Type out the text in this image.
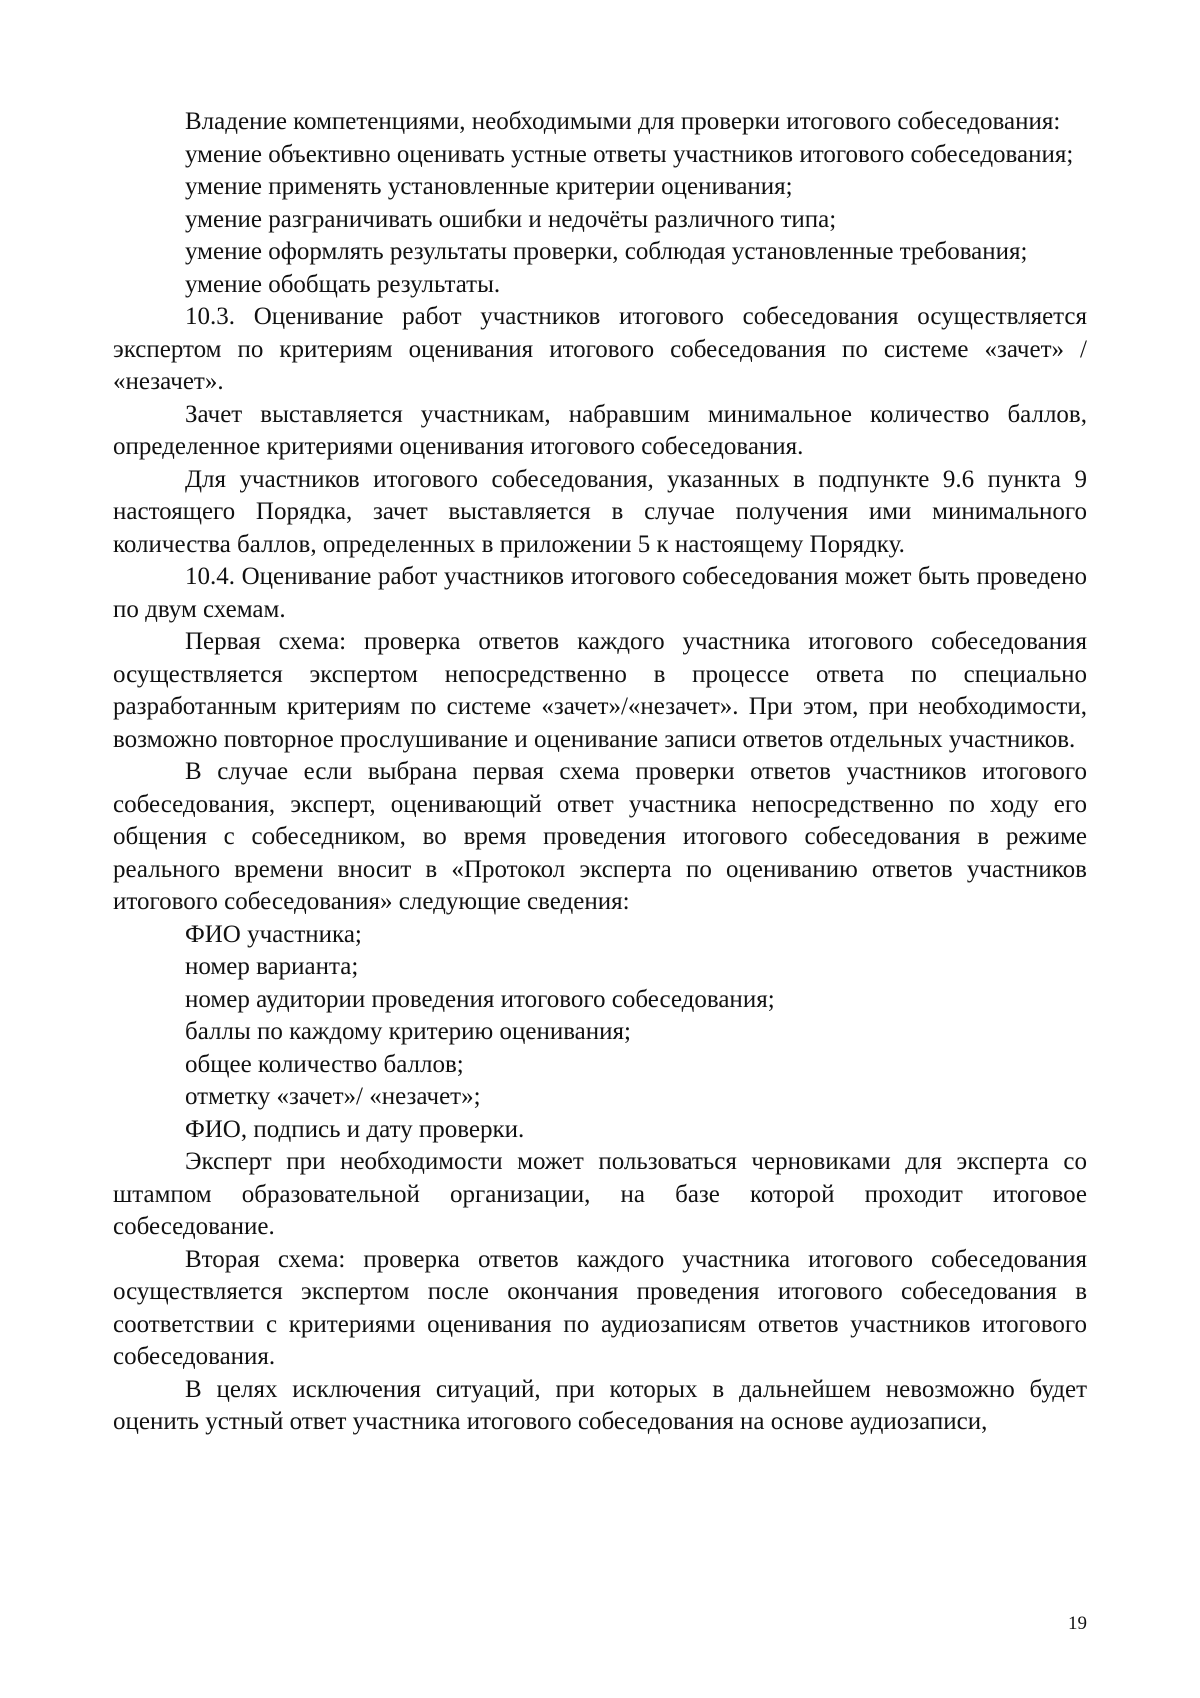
Владение компетенциями, необходимыми для проверки итогового собеседования:

умение объективно оценивать устные ответы участников итогового собеседования;

умение применять установленные критерии оценивания;

умение разграничивать ошибки и недочёты различного типа;

умение оформлять результаты проверки, соблюдая установленные требования;

умение обобщать результаты.

10.3. Оценивание работ участников итогового собеседования осуществляется экспертом по критериям оценивания итогового собеседования по системе «зачет» / «незачет».

Зачет выставляется участникам, набравшим минимальное количество баллов, определенное критериями оценивания итогового собеседования.

Для участников итогового собеседования, указанных в подпункте 9.6 пункта 9 настоящего Порядка, зачет выставляется в случае получения ими минимального количества баллов, определенных в приложении 5 к настоящему Порядку.

10.4. Оценивание работ участников итогового собеседования может быть проведено по двум схемам.

Первая схема: проверка ответов каждого участника итогового собеседования осуществляется экспертом непосредственно в процессе ответа по специально разработанным критериям по системе «зачет»/«незачет». При этом, при необходимости, возможно повторное прослушивание и оценивание записи ответов отдельных участников.

В случае если выбрана первая схема проверки ответов участников итогового собеседования, эксперт, оценивающий ответ участника непосредственно по ходу его общения с собеседником, во время проведения итогового собеседования в режиме реального времени вносит в «Протокол эксперта по оцениванию ответов участников итогового собеседования» следующие сведения:

ФИО участника;

номер варианта;

номер аудитории проведения итогового собеседования;

баллы по каждому критерию оценивания;

общее количество баллов;

отметку «зачет»/ «незачет»;

ФИО, подпись и дату проверки.

Эксперт при необходимости может пользоваться черновиками для эксперта со штампом образовательной организации, на базе которой проходит итоговое собеседование.

Вторая схема: проверка ответов каждого участника итогового собеседования осуществляется экспертом после окончания проведения итогового собеседования в соответствии с критериями оценивания по аудиозаписям ответов участников итогового собеседования.

В целях исключения ситуаций, при которых в дальнейшем невозможно будет оценить устный ответ участника итогового собеседования на основе аудиозаписи,

19
